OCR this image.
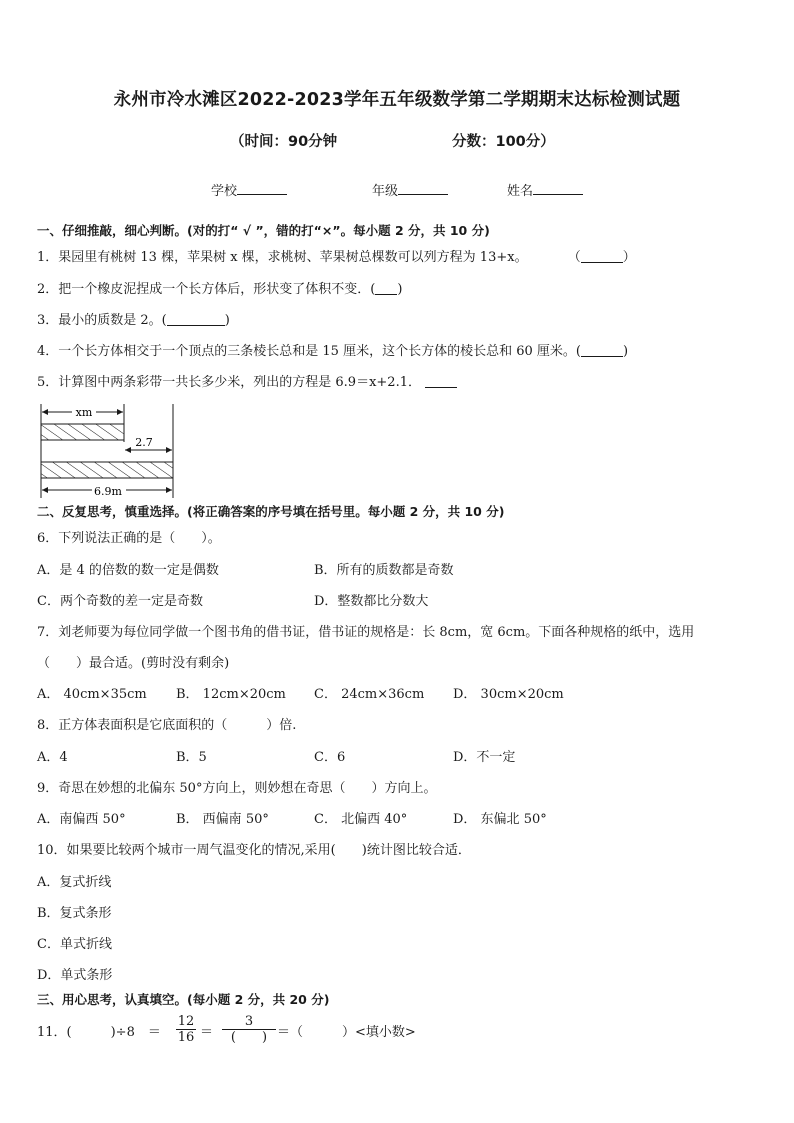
永州市冷水滩区2022-2023学年五年级数学第二学期期末达标检测试题
（时间：90分钟	分数：100分）
学校	年级	姓名
一、仔细推敲，细心判断。(对的打“ √ ”，错的打“×”。每小题 2 分，共 10 分)
1．果园里有桃树 13 棵，苹果树 x 棵，求桃树、苹果树总棵数可以列方程为 13+x。	（	）
2．把一个橡皮泥捏成一个长方体后，形状变了体积不变．( )
3．最小的质数是 2。(	)
4．一个长方体相交于一个顶点的三条棱长总和是 15 厘米，这个长方体的棱长总和 60 厘米。(	)
5．计算图中两条彩带一共长多少米，列出的方程是 6.9＝x+2.1．
xm
2.7
6.9m
二、反复思考，慎重选择。(将正确答案的序号填在括号里。每小题 2 分，共 10 分)
6．下列说法正确的是（　　）。
A．是 4 的倍数的数一定是偶数	B．所有的质数都是奇数
C．两个奇数的差一定是奇数	D．整数都比分数大
7．刘老师要为每位同学做一个图书角的借书证，借书证的规格是：长 8cm，宽 6cm。下面各种规格的纸中，选用
（　　）最合适。(剪时没有剩余)
A． 40cm×35cm B． 12cm×20cm C． 24cm×36cm D． 30cm×20cm
8．正方体表面积是它底面积的（　　　）倍.
A．4	B．5	C．6	D．不一定
9．奇思在妙想的北偏东 50°方向上，则妙想在奇思（　　）方向上。
A．南偏西 50°	B． 西偏南 50°	C． 北偏西 40°	D． 东偏北 50°
10．如果要比较两个城市一周气温变化的情况,采用(　　)统计图比较合适．
A．复式折线
B．复式条形
C．单式折线
D．单式条形
三、用心思考，认真填空。(每小题 2 分，共 20 分)
11．(　　　)÷8　＝
12
16 ＝
3
(　　) ＝（　　　）<填小数>
